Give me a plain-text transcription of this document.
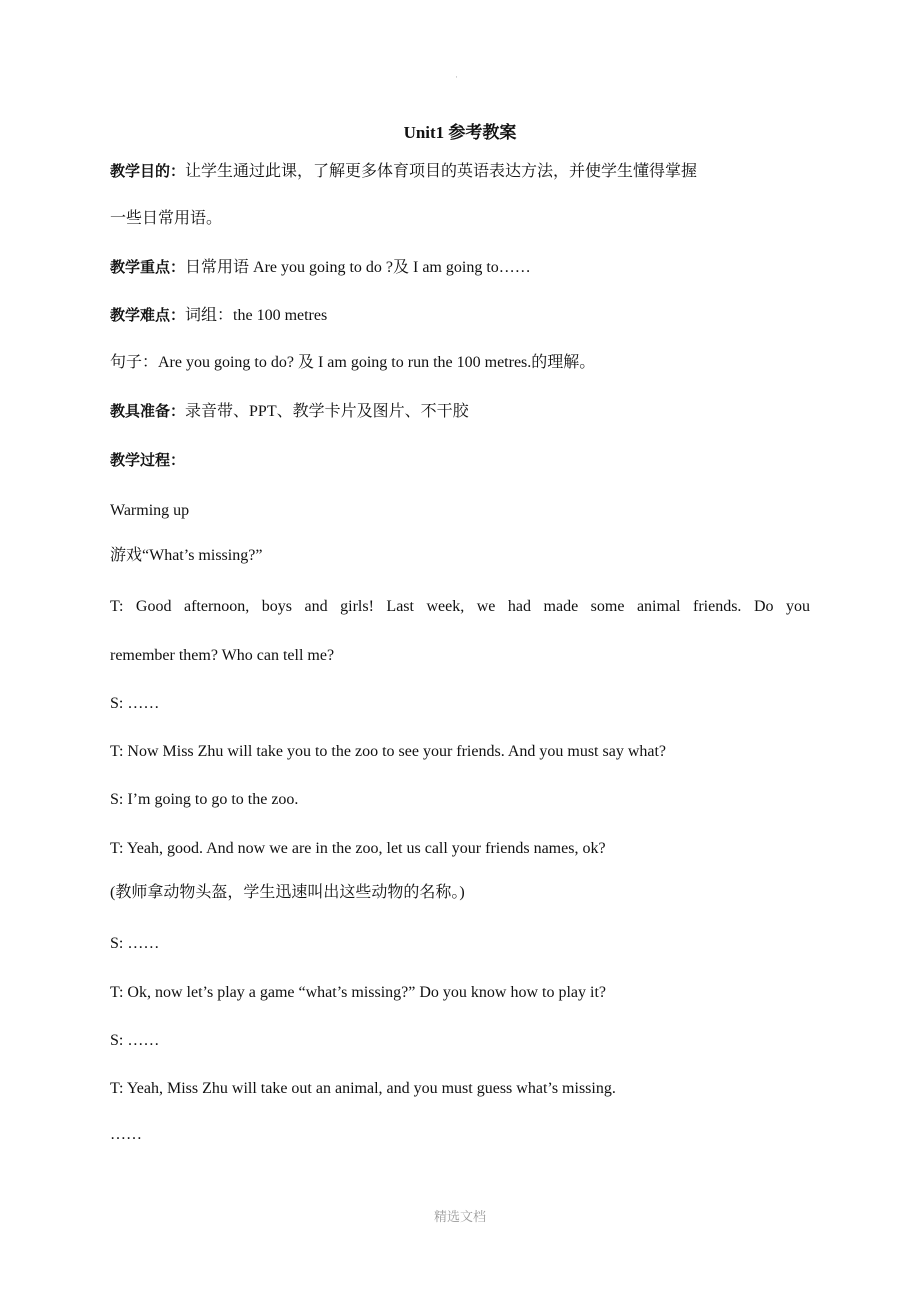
·
Unit1 参考教案
教学目的：让学生通过此课，了解更多体育项目的英语表达方法，并使学生懂得掌握
一些日常用语。
教学重点：日常用语 Are you going to do ?及 I am going to……
教学难点：词组：the 100 metres
句子：Are you going to do? 及 I am going to run the 100 metres.的理解。
教具准备：录音带、PPT、教学卡片及图片、不干胶
教学过程：
Warming up
游戏“What’s missing?”
T: Good afternoon, boys and girls! Last week, we had made some animal friends. Do you
remember them? Who can tell me?
S: ……
T: Now Miss Zhu will take you to the zoo to see your friends. And you must say what?
S: I’m going to go to the zoo.
T: Yeah, good. And now we are in the zoo, let us call your friends names, ok?
(教师拿动物头盔，学生迅速叫出这些动物的名称。)
S: ……
T: Ok, now let’s play a game “what’s missing?” Do you know how to play it?
S: ……
T: Yeah, Miss Zhu will take out an animal, and you must guess what’s missing.
……
精选文档
